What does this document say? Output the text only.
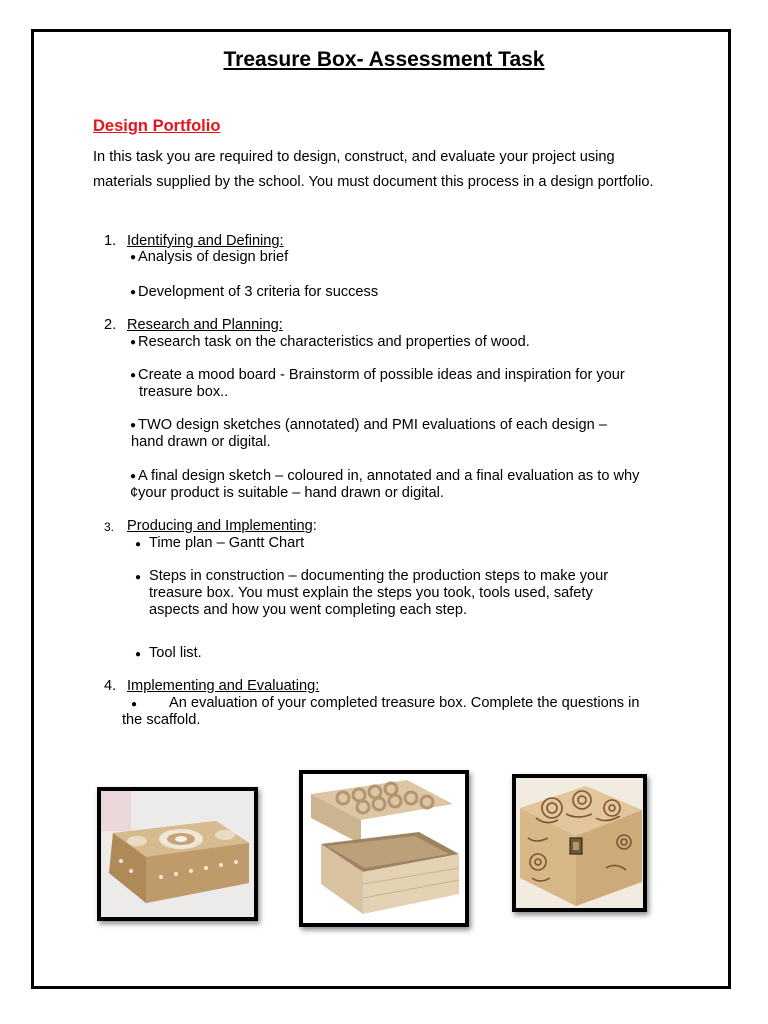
Treasure Box- Assessment Task
Design Portfolio
In this task you are required to design, construct, and evaluate your project using materials supplied by the school. You must document this process in a design portfolio.
1. Identifying and Defining:
● Analysis of design brief
● Development of 3 criteria for success
2. Research and Planning:
● Research task on the characteristics and properties of wood.
● Create a mood board - Brainstorm of possible ideas and inspiration for your
treasure box..
● TWO design sketches (annotated) and PMI evaluations of each design –
hand drawn or digital.
● A final design sketch – coloured in, annotated and a final evaluation as to why
¢your product is suitable – hand drawn or digital.
3. Producing and Implementing:
● Time plan – Gantt Chart
● Steps in construction – documenting the production steps to make your
treasure box. You must explain the steps you took, tools used, safety
aspects and how you went completing each step.
● Tool list.
4. Implementing and Evaluating:
● An evaluation of your completed treasure box. Complete the questions in
the scaffold.
